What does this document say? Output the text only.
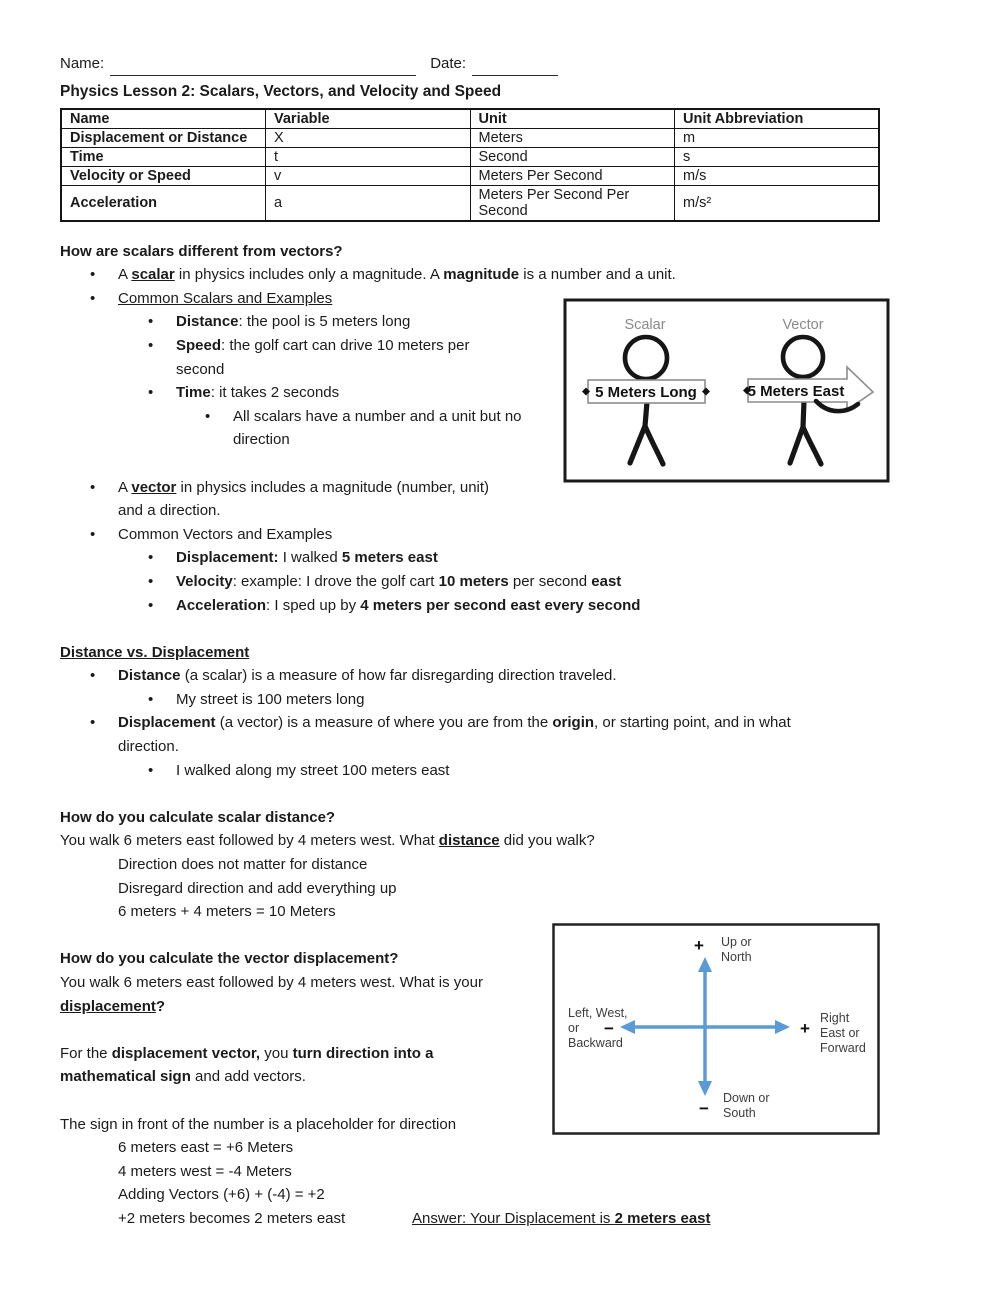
Name:	Date:
Physics Lesson 2: Scalars, Vectors, and Velocity and Speed
Name	Variable	Unit	Unit Abbreviation
Displacement or Distance	X	Meters	m
Time	t	Second	s
Velocity or Speed	v	Meters Per Second	m/s
Acceleration	a	Meters Per Second Per Second	m/s²
How are scalars different from vectors?
•	A scalar in physics includes only a magnitude. A magnitude is a number and a unit.
•	Common Scalars and Examples
•	Distance: the pool is 5 meters long
•	Speed: the golf cart can drive 10 meters per
second
•	Time: it takes 2 seconds
•	All scalars have a number and a unit but no
direction
•	A vector in physics includes a magnitude (number, unit)
and a direction.
•	Common Vectors and Examples
•	Displacement: I walked 5 meters east
•	Velocity: example: I drove the golf cart 10 meters per second east
•	Acceleration: I sped up by 4 meters per second east every second
Distance vs. Displacement
•	Distance (a scalar) is a measure of how far disregarding direction traveled.
•	My street is 100 meters long
•	Displacement (a vector) is a measure of where you are from the origin, or starting point, and in what
direction.
•	I walked along my street 100 meters east
How do you calculate scalar distance?
You walk 6 meters east followed by 4 meters west. What distance did you walk?
Direction does not matter for distance
Disregard direction and add everything up
6 meters + 4 meters = 10 Meters
How do you calculate the vector displacement?
You walk 6 meters east followed by 4 meters west. What is your
displacement?
For the displacement vector, you turn direction into a
mathematical sign and add vectors.
The sign in front of the number is a placeholder for direction
6 meters east = +6 Meters
4 meters west = -4 Meters
Adding Vectors (+6) + (-4) = +2
+2 meters becomes 2 meters east	Answer: Your Displacement is 2 meters east
Scalar	Vector
5 Meters Long	5 Meters East
+
+
−
−
Up or
North
Left, West,
or
Backward
Right
East or
Forward
Down or
South
